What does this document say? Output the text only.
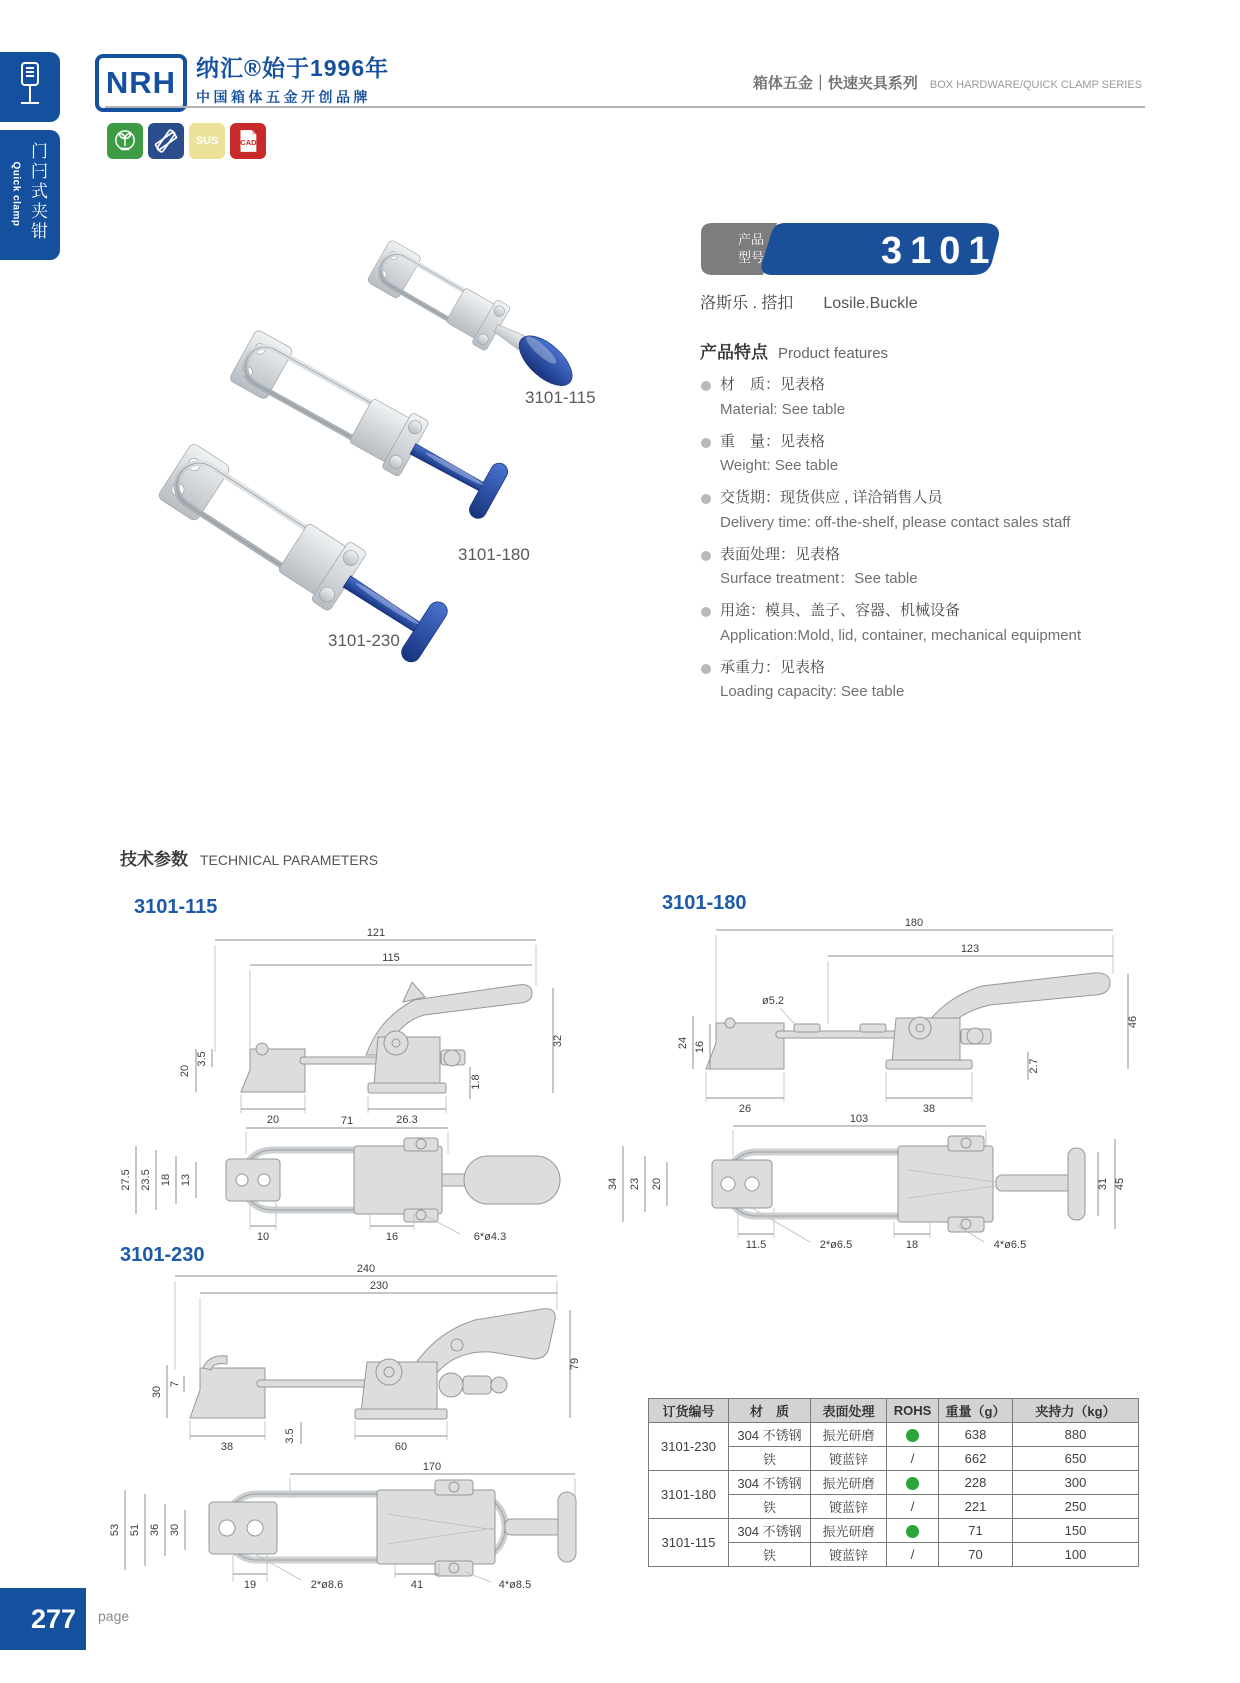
Quick clamp 门闩式夹钳
NRH 纳汇®始于1996年
中国箱体五金开创品牌
箱体五金｜快速夹具系列 BOX HARDWARE/QUICK CLAMP SERIES
SUS CAD
3101-115
3101-180
3101-230
产品
型号	3101
洛斯乐 . 搭扣 Losile.Buckle
产品特点 Product features
材　质：见表格
Material: See table
重　量：见表格
Weight: See table
交货期：现货供应 , 详洽销售人员
Delivery time: off-the-shelf, please contact sales staff
表面处理：见表格
Surface treatment：See table
用途：模具、盖子、容器、机械设备
Application:Mold, lid, container, mechanical equipment
承重力：见表格
Loading capacity: See table
技术参数 TECHNICAL PARAMETERS
3101-115
121
115
32
20
3.5
1.8
20	26.3
71
27.5 23.5 18 13
10	16	6*ø4.3
3101-180
180
123
ø5.2
46
24 16
2.7
26	38
103
31 45
34 23 20
11.5	2*ø6.5	18	4*ø6.5
3101-230
240
230
79
30
7
38
3.5
60
170
53 51 36 30
19	2*ø8.6	41	4*ø8.5
订货编号	材　质	表面处理	ROHS	重量（g）	夹持力（kg）
3101-230	304 不锈钢	振光研磨		638	880
	铁	镀蓝锌	/	662	650
3101-180	304 不锈钢	振光研磨		228	300
	铁	镀蓝锌	/	221	250
3101-115	304 不锈钢	振光研磨		71	150
	铁	镀蓝锌	/	70	100
277 page
